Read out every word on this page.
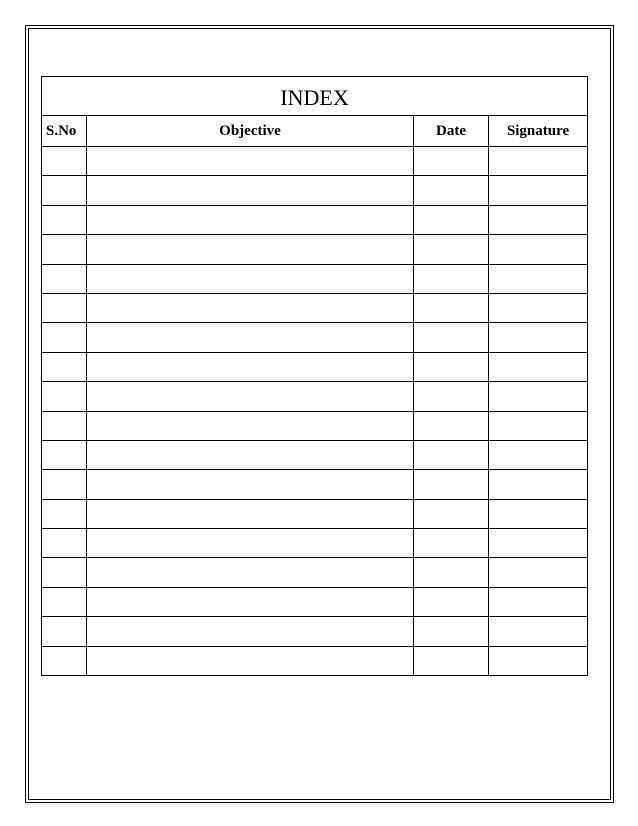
INDEX			
S.No	Objective	Date	Signature
